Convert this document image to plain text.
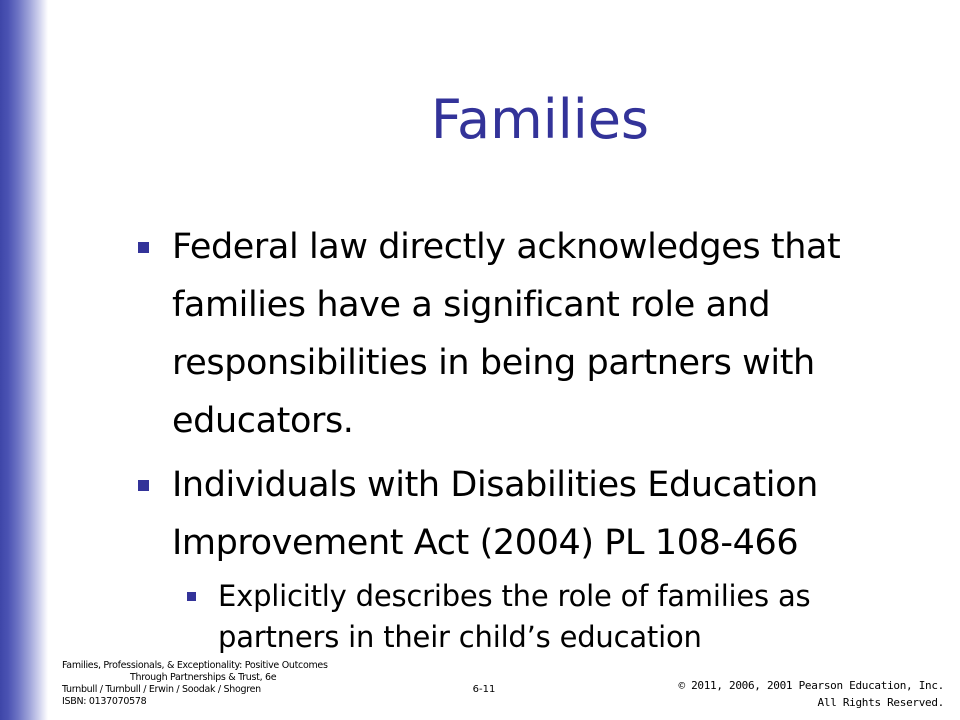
Families
Federal law directly acknowledges that families have a significant role and responsibilities in being partners with educators.
Individuals with Disabilities Education Improvement Act (2004) PL 108-466
Explicitly describes the role of families as partners in their child’s education
Families, Professionals, & Exceptionality: Positive Outcomes
Through Partnerships & Trust, 6e
Turnbull / Turnbull / Erwin / Soodak / Shogren
ISBN: 0137070578
6-11	© 2011, 2006, 2001 Pearson Education, Inc.
All Rights Reserved.
